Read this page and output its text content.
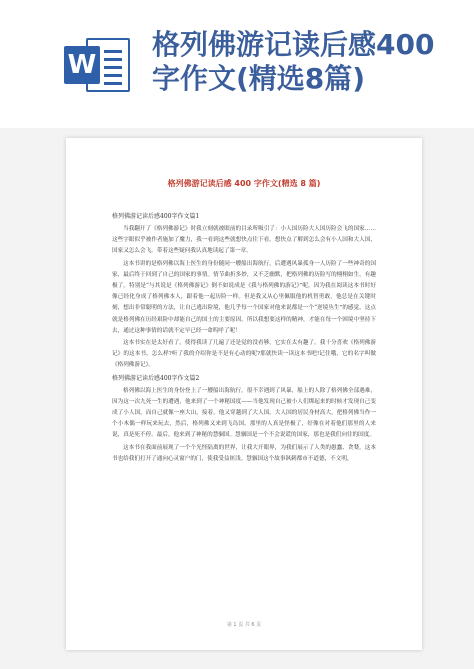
W
格列佛游记读后感400字作文(精选8篇)
格列佛游记读后感 400 字作文(精选 8 篇)
格列佛游记读后感400字作文篇1

当我翻开了《格列佛游记》时我立刻就被眼前的目录所吸引了：小人国历险大人国历险会飞的国家……这些字眼似乎被作者施加了魔力，我一看到这些就想快点往下看。想快点了解到怎么会有小人国和大人国，国家又怎么会飞。带着这些疑问我认真地读起了第一章。

这本书讲的是格列佛以海上医生的身份随同一艘船出海航行，后遭遇风暴孤身一人历险了一些神奇的国家，最后终于回到了自己的国家的事情。情节曲折多妙，又不乏幽默，把格列佛的历险写的栩栩如生，有趣极了。特别是“与其说是《格列佛游记》倒不如说成是《我与格列佛的游记》”呢，因为我在阅读这本书时好像已经化身成了格列佛本人，跟着他一起历险一样。但是我又从心里佩服他的机智勇敢，他总是在关键时刻，想出非常聪明的方法，让自己逃出险境，他几乎每一个国家对他来说都是一个“逆境丛生”的感觉，这点就是格列佛在历经艰险中却能自己的国土的主要原因。所以我想要这样的精神，才能在每一个困境中坚持下去，通过这种事情的话就不定早已经一命呜呼了呢！

这本书实在是太好看了，使得我读了几遍了还是觉的没看够，它实在太有趣了。我十分喜欢《格列佛游记》的这本书，怎么样?听了我的介绍你是不是有心动的呢?那就快读一读这本书吧!记住哦，它的名字叫做《格列佛游记》。

格列佛游记读后感400字作文篇2

格列佛以海上医生的身份登上了一艘船出海航行，很不幸遇到了风暴，船上的人除了格列佛全部遇难，因为这一次九死一生的遭遇，他来到了一个神秘国度——当他发现自己被小人们绑起来的时候才发现自己变成了小人国，而自己就像一座大山，接着，他又穿越到了大人国。大人国的居民身材高大，把格列佛当作一个小木偶一样玩来玩去，然后，格列佛又来到飞岛国，那里的人真是怪极了，好像在对着他们那里的人来说，真是死不停。最后，他来到了神秘的慧骃国。慧骃国是一个不会说谎的国家，那也是我们向往的国度。

这本书在我面前展现了一个个光怪陆离的世界，让我大开眼界，为我们展示了人类的愚蠢、贪婪。这本书也给我们打开了通向心灵窗户的门，使我受益匪浅。慧骃国这个故事讽刺都市不道德，不文明，

第 1 页 共 6 页
